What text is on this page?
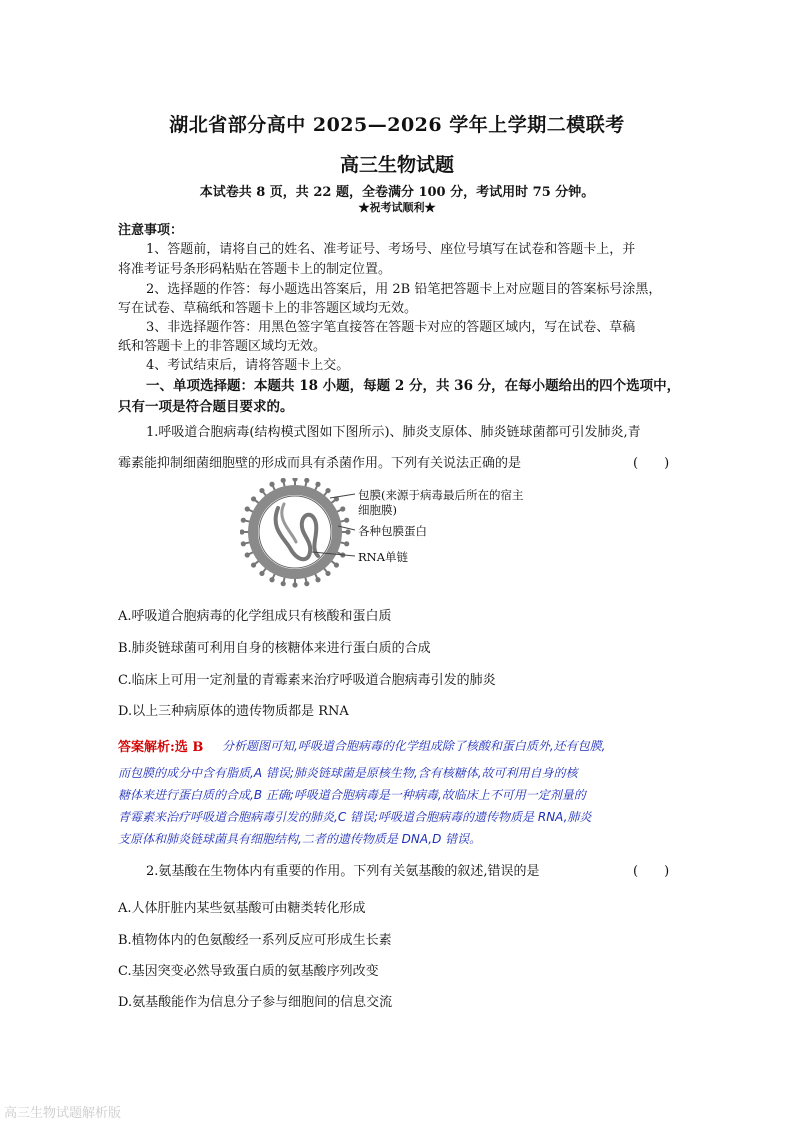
湖北省部分高中 2025—2026 学年上学期二模联考
高三生物试题
本试卷共 8 页，共 22 题，全卷满分 100 分，考试用时 75 分钟。
★祝考试顺利★
注意事项：
1、答题前，请将自己的姓名、准考证号、考场号、座位号填写在试卷和答题卡上，并
将准考证号条形码粘贴在答题卡上的制定位置。
2、选择题的作答：每小题选出答案后，用 2B 铅笔把答题卡上对应题目的答案标号涂黑，
写在试卷、草稿纸和答题卡上的非答题区域均无效。
3、非选择题作答：用黑色签字笔直接答在答题卡对应的答题区域内，写在试卷、草稿
纸和答题卡上的非答题区域均无效。
4、考试结束后，请将答题卡上交。
一、单项选择题：本题共 18 小题，每题 2 分，共 36 分，在每小题给出的四个选项中，
只有一项是符合题目要求的。
1.呼吸道合胞病毒(结构模式图如下图所示)、肺炎支原体、肺炎链球菌都可引发肺炎,青
霉素能抑制细菌细胞壁的形成而具有杀菌作用。下列有关说法正确的是	(　　)
包膜(来源于病毒最后所在的宿主
细胞膜)
各种包膜蛋白
RNA单链
A.呼吸道合胞病毒的化学组成只有核酸和蛋白质
B.肺炎链球菌可利用自身的核糖体来进行蛋白质的合成
C.临床上可用一定剂量的青霉素来治疗呼吸道合胞病毒引发的肺炎
D.以上三种病原体的遗传物质都是 RNA
答案解析:选 B 分析题图可知,呼吸道合胞病毒的化学组成除了核酸和蛋白质外,还有包膜,
而包膜的成分中含有脂质,A 错误;肺炎链球菌是原核生物,含有核糖体,故可利用自身的核
糖体来进行蛋白质的合成,B 正确;呼吸道合胞病毒是一种病毒,故临床上不可用一定剂量的
青霉素来治疗呼吸道合胞病毒引发的肺炎,C 错误;呼吸道合胞病毒的遗传物质是 RNA,肺炎
支原体和肺炎链球菌具有细胞结构,二者的遗传物质是 DNA,D 错误。
2.氨基酸在生物体内有重要的作用。下列有关氨基酸的叙述,错误的是	(　　)
A.人体肝脏内某些氨基酸可由糖类转化形成
B.植物体内的色氨酸经一系列反应可形成生长素
C.基因突变必然导致蛋白质的氨基酸序列改变
D.氨基酸能作为信息分子参与细胞间的信息交流
高三生物试题解析版
